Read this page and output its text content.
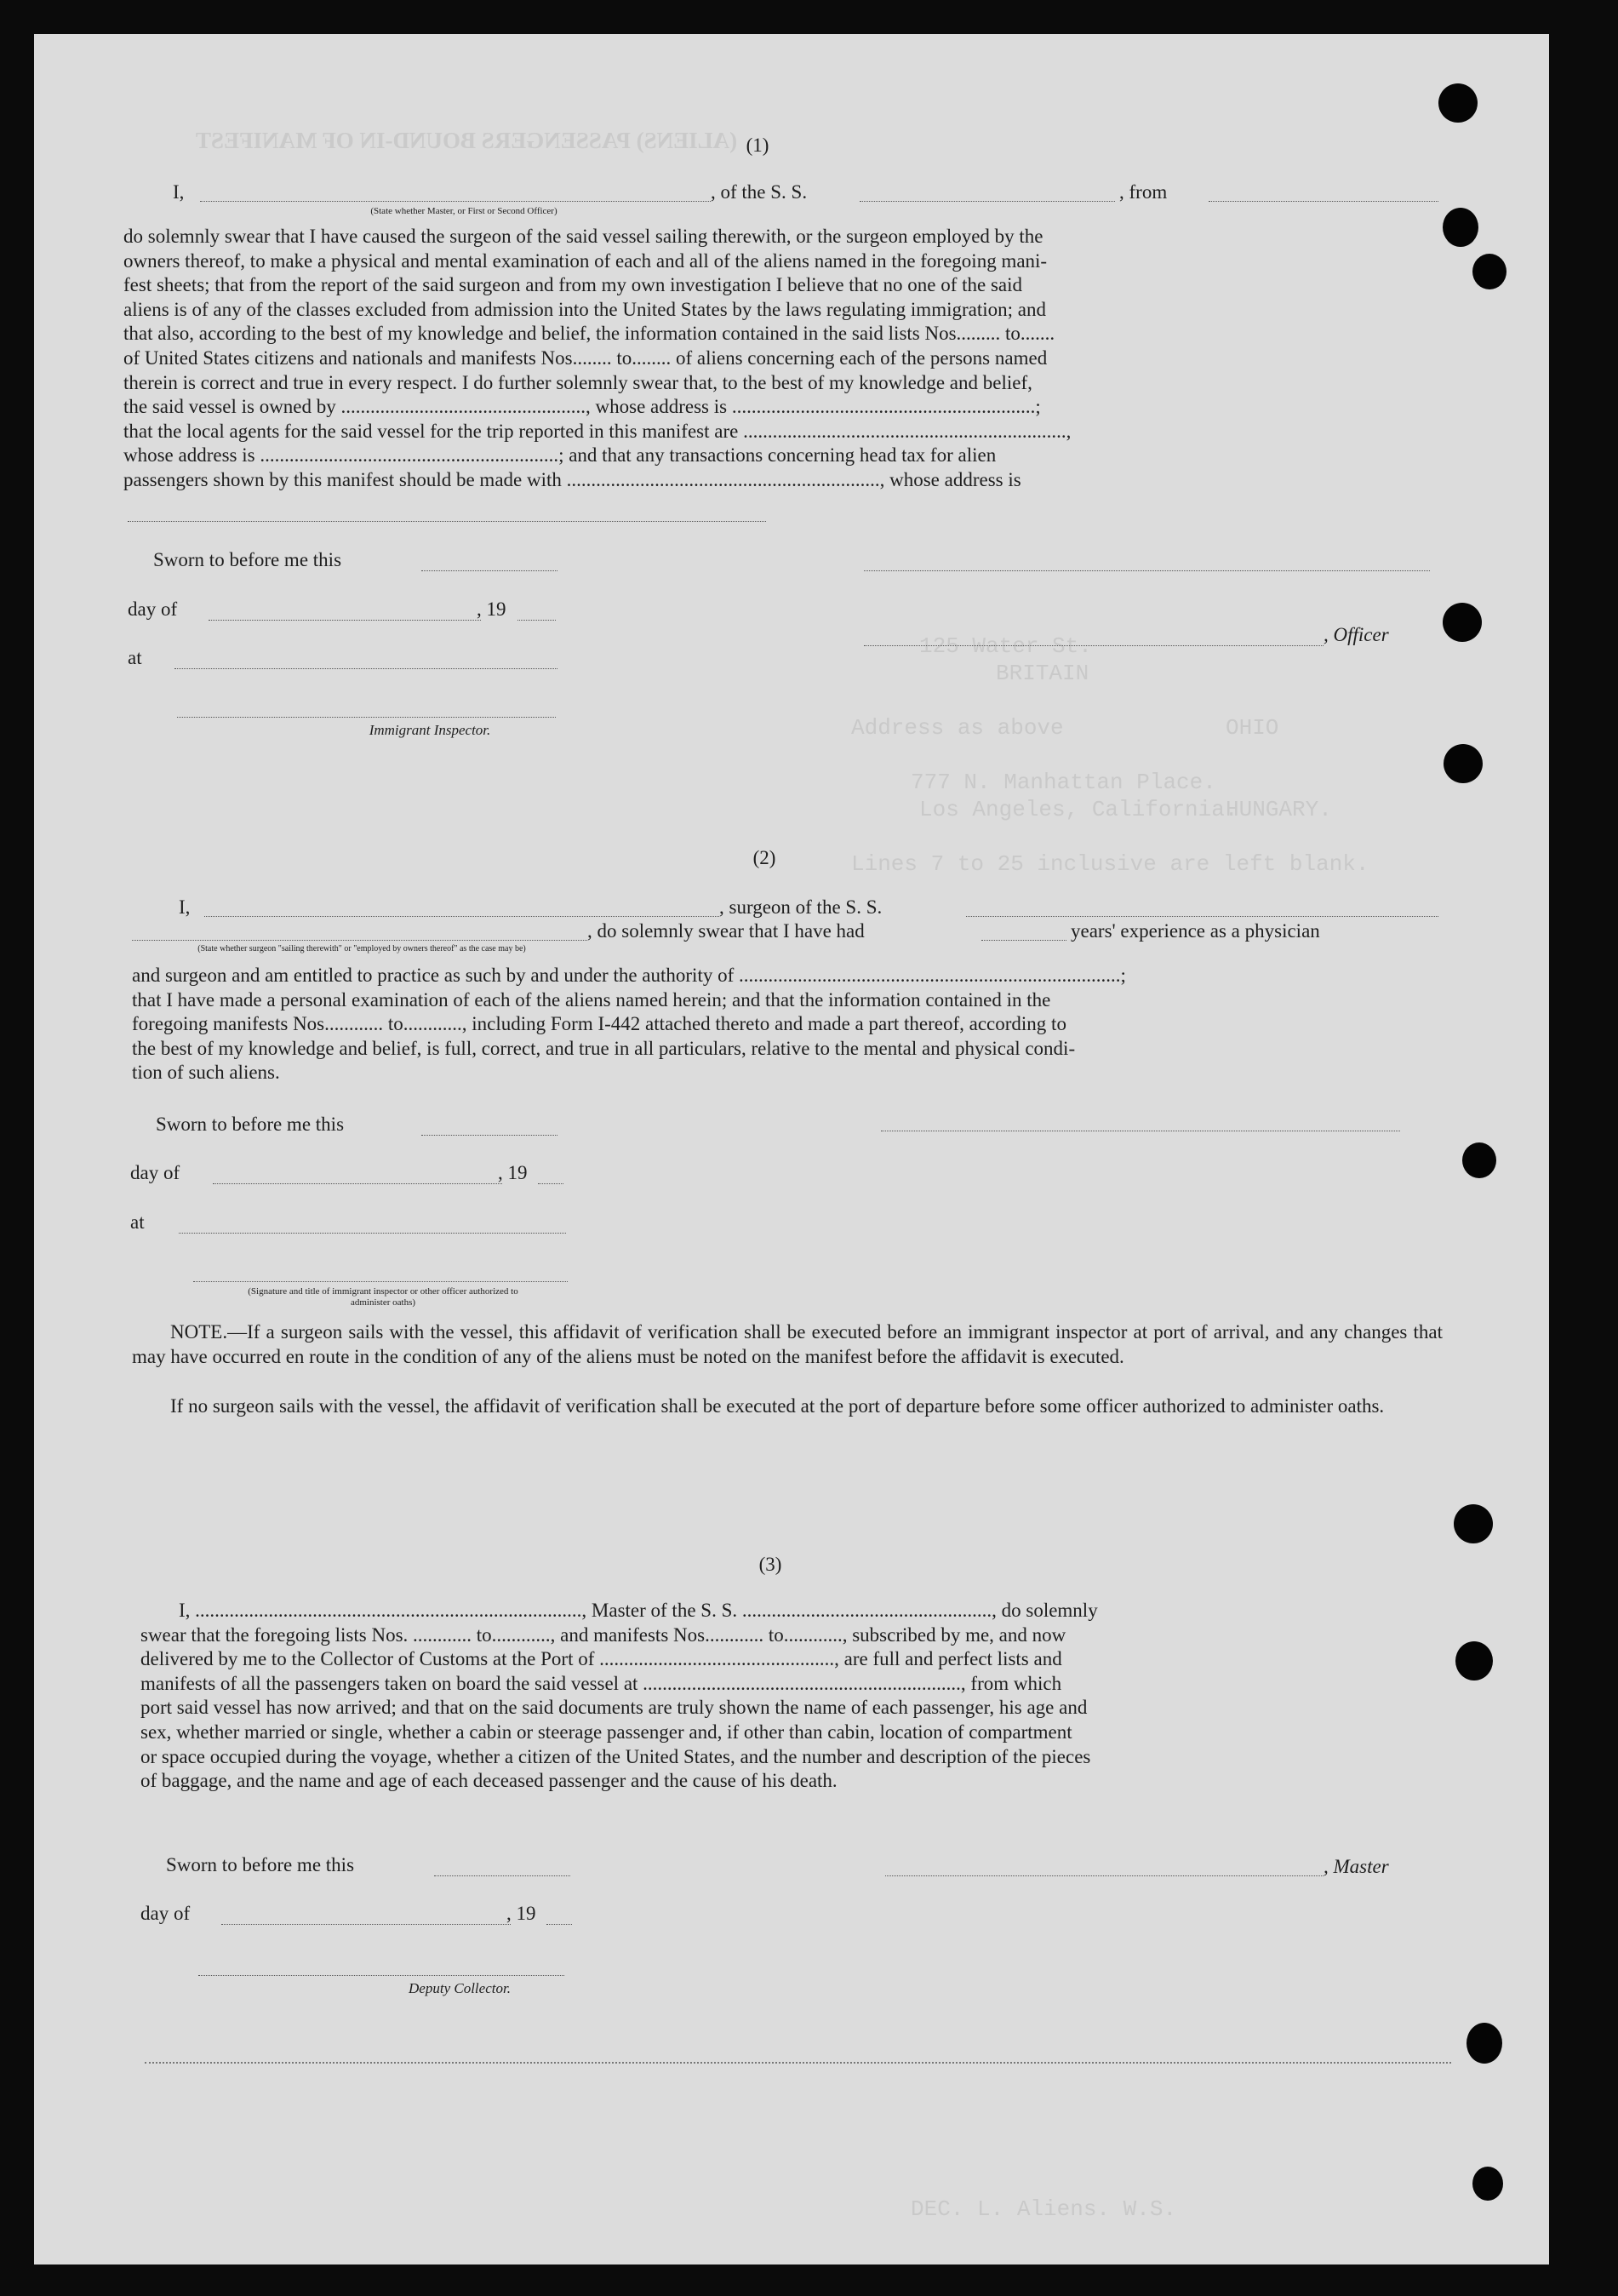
(ALIENS) PASSENGERS BOUND-IN OF MANIFEST
125 Water St.
BRITAIN
Address as above	OHIO
777 N. Manhattan Place.
Los Angeles, California.
HUNGARY.
Lines 7 to 25 inclusive are left blank.
DEC. L. Aliens. W.S.
(1)
I,
(State whether Master, or First or Second Officer)
, of the S. S.	, from
do solemnly swear that I have caused the surgeon of the said vessel sailing therewith, or the surgeon employed by the
owners thereof, to make a physical and mental examination of each and all of the aliens named in the foregoing mani-
fest sheets; that from the report of the said surgeon and from my own investigation I believe that no one of the said
aliens is of any of the classes excluded from admission into the United States by the laws regulating immigration; and
that also, according to the best of my knowledge and belief, the information contained in the said lists Nos......... to.......
of United States citizens and nationals and manifests Nos........ to........ of aliens concerning each of the persons named
therein is correct and true in every respect. I do further solemnly swear that, to the best of my knowledge and belief,
the said vessel is owned by .................................................., whose address is ..............................................................;
that the local agents for the said vessel for the trip reported in this manifest are ..................................................................,
whose address is .............................................................; and that any transactions concerning head tax for alien
passengers shown by this manifest should be made with ................................................................, whose address is
Sworn to before me this
day of	, 19
, Officer
at
Immigrant Inspector.
(2)
I,	, surgeon of the S. S.
(State whether surgeon "sailing therewith" or "employed by owners thereof" as the case may be)
, do solemnly swear that I have had	years' experience as a physician
and surgeon and am entitled to practice as such by and under the authority of ..............................................................................;
that I have made a personal examination of each of the aliens named herein; and that the information contained in the
foregoing manifests Nos............ to............, including Form I-442 attached thereto and made a part thereof, according to
the best of my knowledge and belief, is full, correct, and true in all particulars, relative to the mental and physical condi-
tion of such aliens.
Sworn to before me this
day of	, 19
at
(Signature and title of immigrant inspector or other officer authorized to administer oaths)
NOTE.—If a surgeon sails with the vessel, this affidavit of verification shall be executed before an immigrant inspector at port of arrival, and any changes that may have occurred en route in the condition of any of the aliens must be noted on the manifest before the affidavit is executed.
If no surgeon sails with the vessel, the affidavit of verification shall be executed at the port of departure before some officer authorized to administer oaths.
(3)
I, ..............................................................................., Master of the S. S. ..................................................., do solemnly
swear that the foregoing lists Nos. ............ to............, and manifests Nos............ to............, subscribed by me, and now
delivered by me to the Collector of Customs at the Port of ................................................, are full and perfect lists and
manifests of all the passengers taken on board the said vessel at ................................................................., from which
port said vessel has now arrived; and that on the said documents are truly shown the name of each passenger, his age and
sex, whether married or single, whether a cabin or steerage passenger and, if other than cabin, location of compartment
or space occupied during the voyage, whether a citizen of the United States, and the number and description of the pieces
of baggage, and the name and age of each deceased passenger and the cause of his death.
Sworn to before me this	, Master
day of	, 19
Deputy Collector.
